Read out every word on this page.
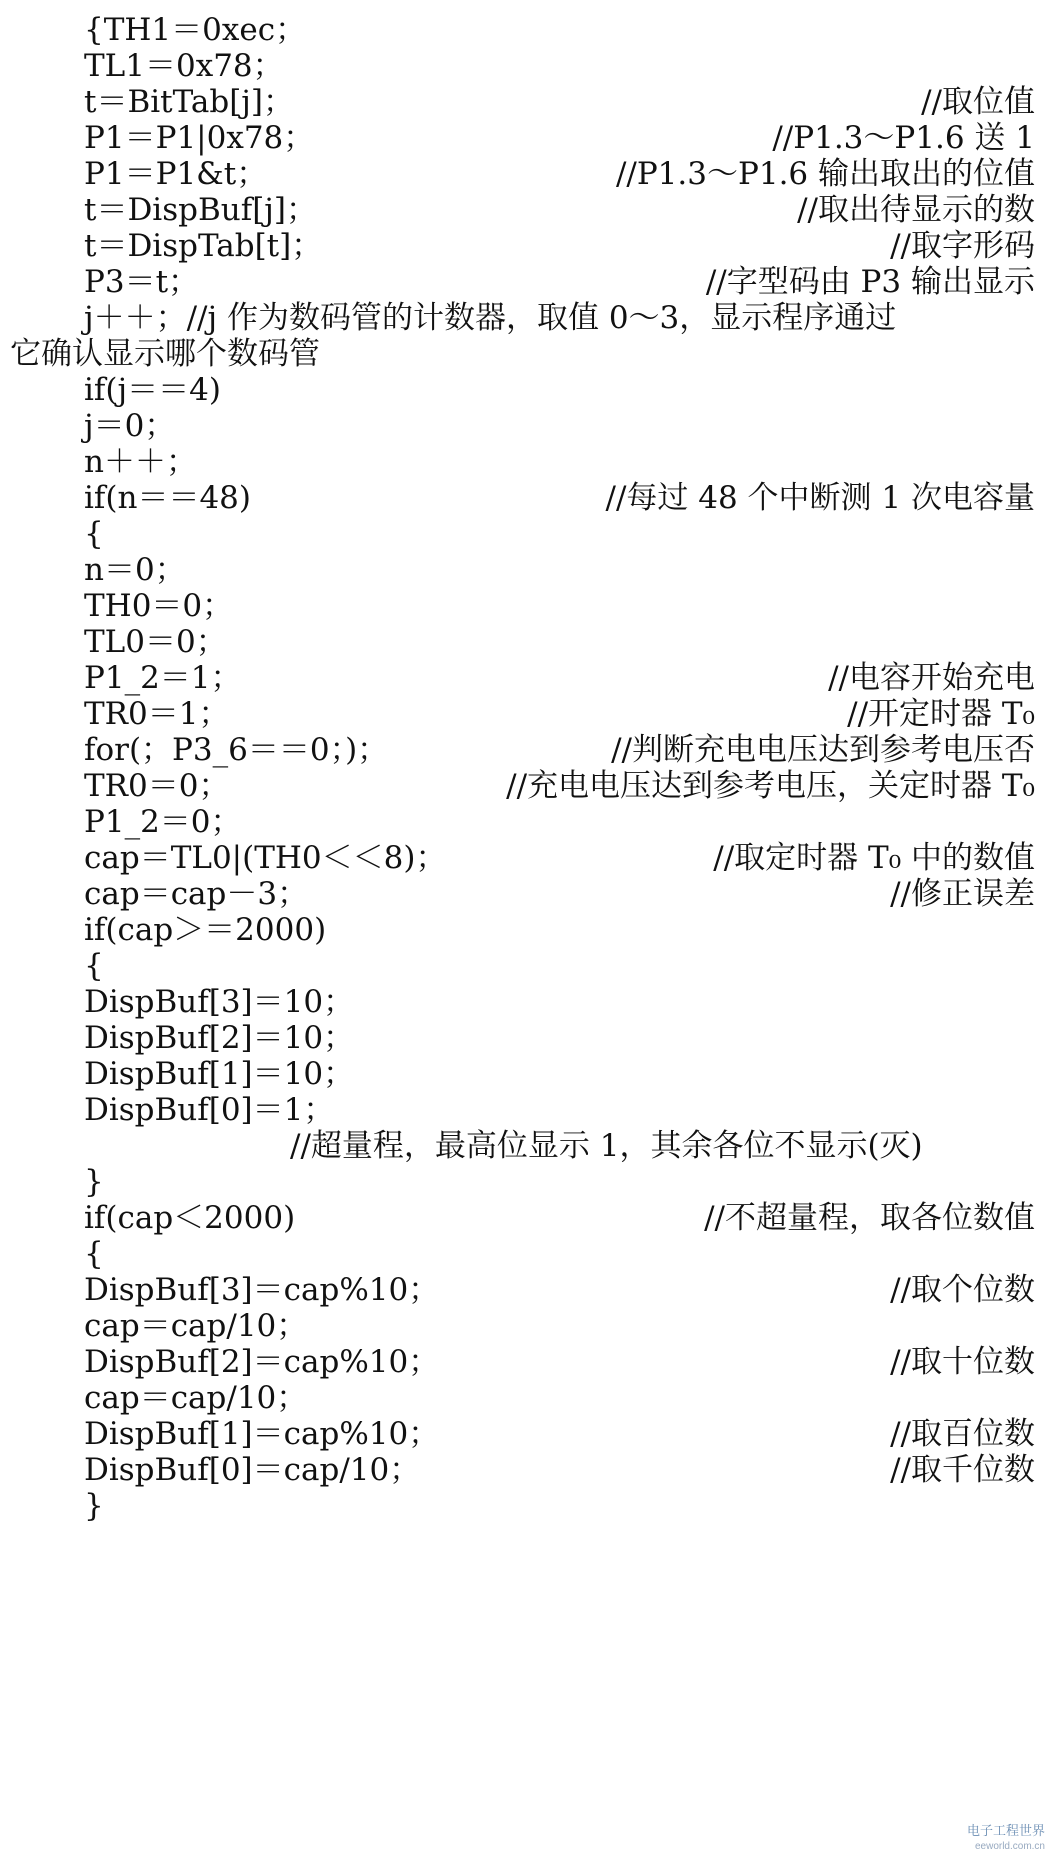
{TH1＝0xec；
TL1＝0x78；
t＝BitTab[j]；	//取位值
P1＝P1|0x78；	//P1.3～P1.6 送 1
P1＝P1&t；	//P1.3～P1.6 输出取出的位值
t＝DispBuf[j]；	//取出待显示的数
t＝DispTab[t]；	//取字形码
P3＝t；	//字型码由 P3 输出显示
j＋＋；//j 作为数码管的计数器，取值 0～3，显示程序通过
它确认显示哪个数码管
if(j＝＝4)
j＝0；
n＋＋；
if(n＝＝48)	//每过 48 个中断测 1 次电容量
{
n＝0；
TH0＝0；
TL0＝0；
P1_2＝1；	//电容开始充电
TR0＝1；	//开定时器 T₀
for(；P3_6＝＝0；)；	//判断充电电压达到参考电压否
TR0＝0；	//充电电压达到参考电压，关定时器 T₀
P1_2＝0；
cap＝TL0|(TH0＜＜8)；	//取定时器 T₀ 中的数值
cap＝cap－3；	//修正误差
if(cap＞＝2000)
{
DispBuf[3]＝10；
DispBuf[2]＝10；
DispBuf[1]＝10；
DispBuf[0]＝1；
//超量程，最高位显示 1，其余各位不显示(灭)
}
if(cap＜2000)	//不超量程，取各位数值
{
DispBuf[3]＝cap%10；	//取个位数
cap＝cap/10；
DispBuf[2]＝cap%10；	//取十位数
cap＝cap/10；
DispBuf[1]＝cap%10；	//取百位数
DispBuf[0]＝cap/10；	//取千位数
}
电子工程世界
eeworld.com.cn
